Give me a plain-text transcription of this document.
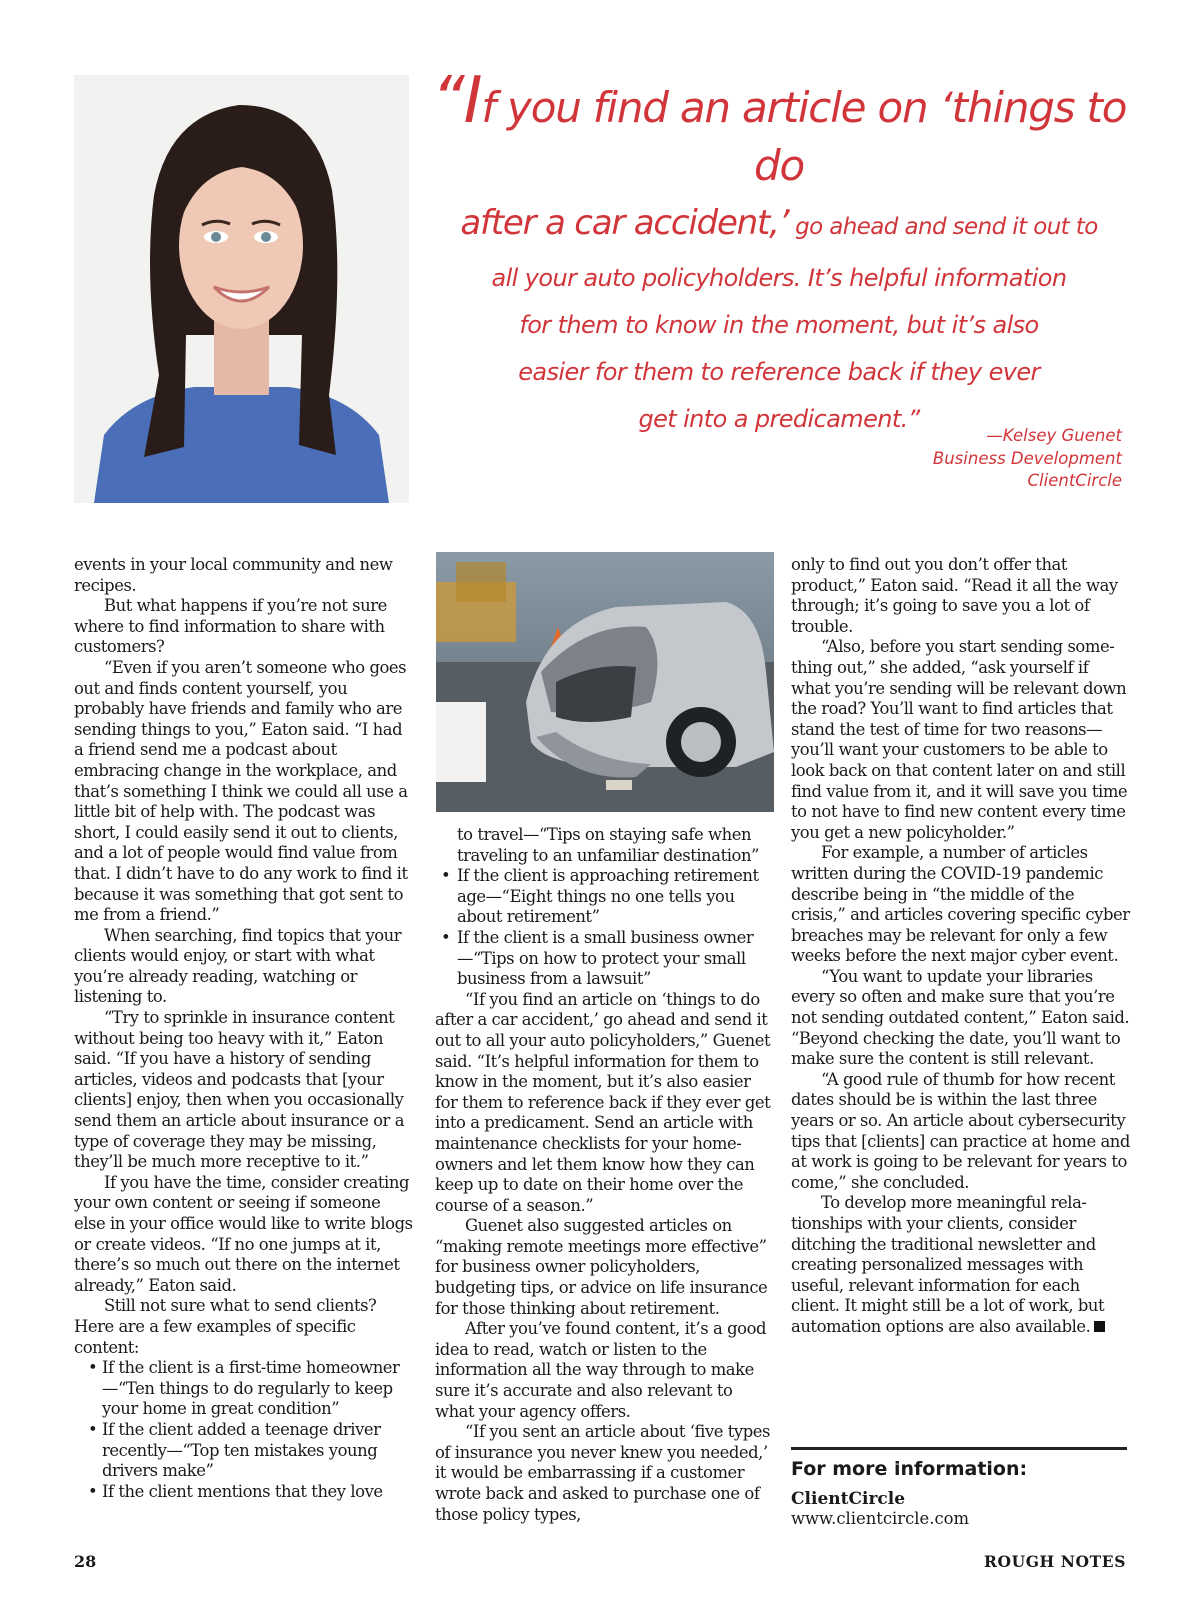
“If you find an article on ‘things to do
after a car accident,’ go ahead and send it out to
all your auto policyholders. It’s helpful information
for them to know in the moment, but it’s also
easier for them to reference back if they ever
get into a predicament.”
—Kelsey Guenet
Business Development
ClientCircle

events in your local community and new recipes.

But what happens if you’re not sure where to find information to share with customers?

“Even if you aren’t someone who goes out and finds content yourself, you probably have friends and family who are sending things to you,” Eaton said. “I had a friend send me a podcast about embracing change in the workplace, and that’s something I think we could all use a little bit of help with. The podcast was short, I could easily send it out to clients, and a lot of people would find value from that. I didn’t have to do any work to find it because it was something that got sent to me from a friend.”

When searching, find topics that your clients would enjoy, or start with what you’re already reading, watching or listening to.

“Try to sprinkle in insurance content without being too heavy with it,” Eaton said. “If you have a history of sending articles, videos and podcasts that [your clients] enjoy, then when you occasionally send them an article about insurance or a type of coverage they may be missing, they’ll be much more receptive to it.”

If you have the time, consider creating your own content or seeing if someone else in your office would like to write blogs or create videos. “If no one jumps at it, there’s so much out there on the internet already,” Eaton said.

Still not sure what to send clients? Here are a few examples of specific content:

• If the client is a first-time homeowner—“Ten things to do regularly to keep your home in great condition”
• If the client added a teenage driver recently—“Top ten mistakes young drivers make”
• If the client mentions that they love

to travel—“Tips on staying safe when traveling to an unfamiliar destination”

• If the client is approaching retirement age—“Eight things no one tells you about retirement”
• If the client is a small business owner—“Tips on how to protect your small business from a lawsuit”

“If you find an article on ‘things to do after a car accident,’ go ahead and send it out to all your auto policyholders,” Guenet said. “It’s helpful information for them to know in the moment, but it’s also easier for them to reference back if they ever get into a predicament. Send an article with maintenance checklists for your homeowners and let them know how they can keep up to date on their home over the course of a season.”

Guenet also suggested articles on “making remote meetings more effective” for business owner policyholders, budgeting tips, or advice on life insurance for those thinking about retirement.

After you’ve found content, it’s a good idea to read, watch or listen to the information all the way through to make sure it’s accurate and also relevant to what your agency offers.

“If you sent an article about ‘five types of insurance you never knew you needed,’ it would be embarrassing if a customer wrote back and asked to purchase one of those policy types,

only to find out you don’t offer that product,” Eaton said. “Read it all the way through; it’s going to save you a lot of trouble.

“Also, before you start sending something out,” she added, “ask yourself if what you’re sending will be relevant down the road? You’ll want to find articles that stand the test of time for two reasons—you’ll want your customers to be able to look back on that content later on and still find value from it, and it will save you time to not have to find new content every time you get a new policyholder.”

For example, a number of articles written during the COVID-19 pandemic describe being in “the middle of the crisis,” and articles covering specific cyber breaches may be relevant for only a few weeks before the next major cyber event.

“You want to update your libraries every so often and make sure that you’re not sending outdated content,” Eaton said. “Beyond checking the date, you’ll want to make sure the content is still relevant.

“A good rule of thumb for how recent dates should be is within the last three years or so. An article about cybersecurity tips that [clients] can practice at home and at work is going to be relevant for years to come,” she concluded.

To develop more meaningful relationships with your clients, consider ditching the traditional newsletter and creating personalized messages with useful, relevant information for each client. It might still be a lot of work, but automation options are also available.

For more information:
ClientCircle
www.clientcircle.com
28	ROUGH NOTES
